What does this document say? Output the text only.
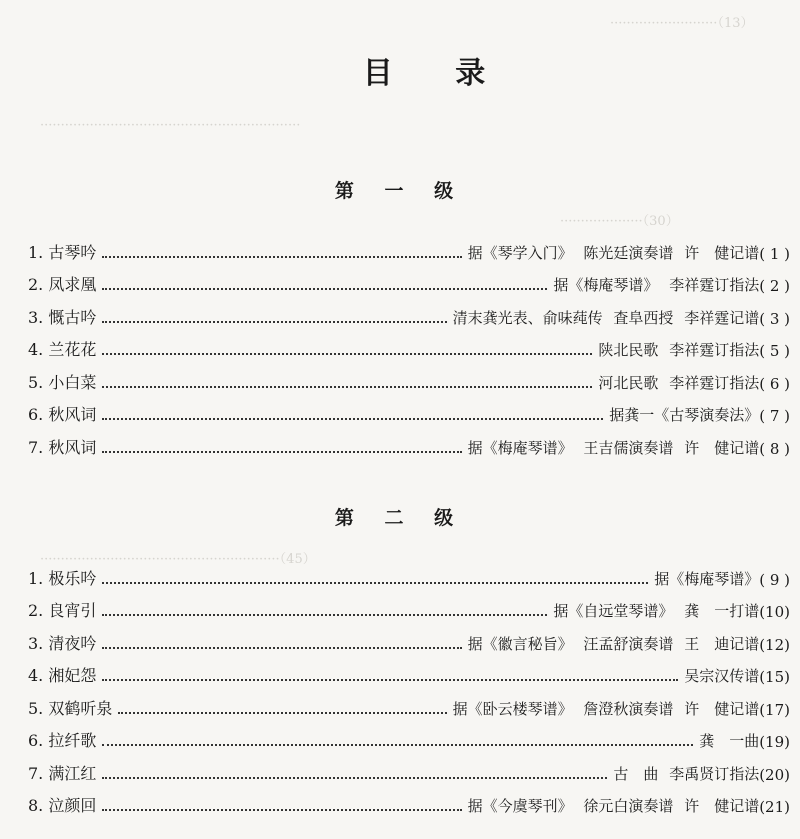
··························（13）
·······························································
····················（30）
··························································（45）
目 录
第 一 级
1. 古琴吟	据《琴学入门》 陈光廷演奏谱 许　健记谱 ( 1 )
2. 凤求凰	据《梅庵琴谱》 李祥霆订指法 ( 2 )
3. 慨古吟	清末龚光表、俞味莼传 査阜西授 李祥霆记谱 ( 3 )
4. 兰花花	陕北民歌 李祥霆订指法 ( 5 )
5. 小白菜	河北民歌 李祥霆订指法 ( 6 )
6. 秋风词	据龚一《古琴演奏法》 ( 7 )
7. 秋风词	据《梅庵琴谱》 王吉儒演奏谱 许　健记谱 ( 8 )
第 二 级
1. 极乐吟	据《梅庵琴谱》 ( 9 )
2. 良宵引	据《自远堂琴谱》 龚　一打谱 (10)
3. 清夜吟	据《徽言秘旨》 汪孟舒演奏谱 王　迪记谱 (12)
4. 湘妃怨	吴宗汉传谱 (15)
5. 双鹤听泉	据《卧云楼琴谱》 詹澄秋演奏谱 许　健记谱 (17)
6. 拉纤歌	龚　一曲 (19)
7. 满江红	古　曲 李禹贤订指法 (20)
8. 泣颜回	据《今虞琴刊》 徐元白演奏谱 许　健记谱 (21)
